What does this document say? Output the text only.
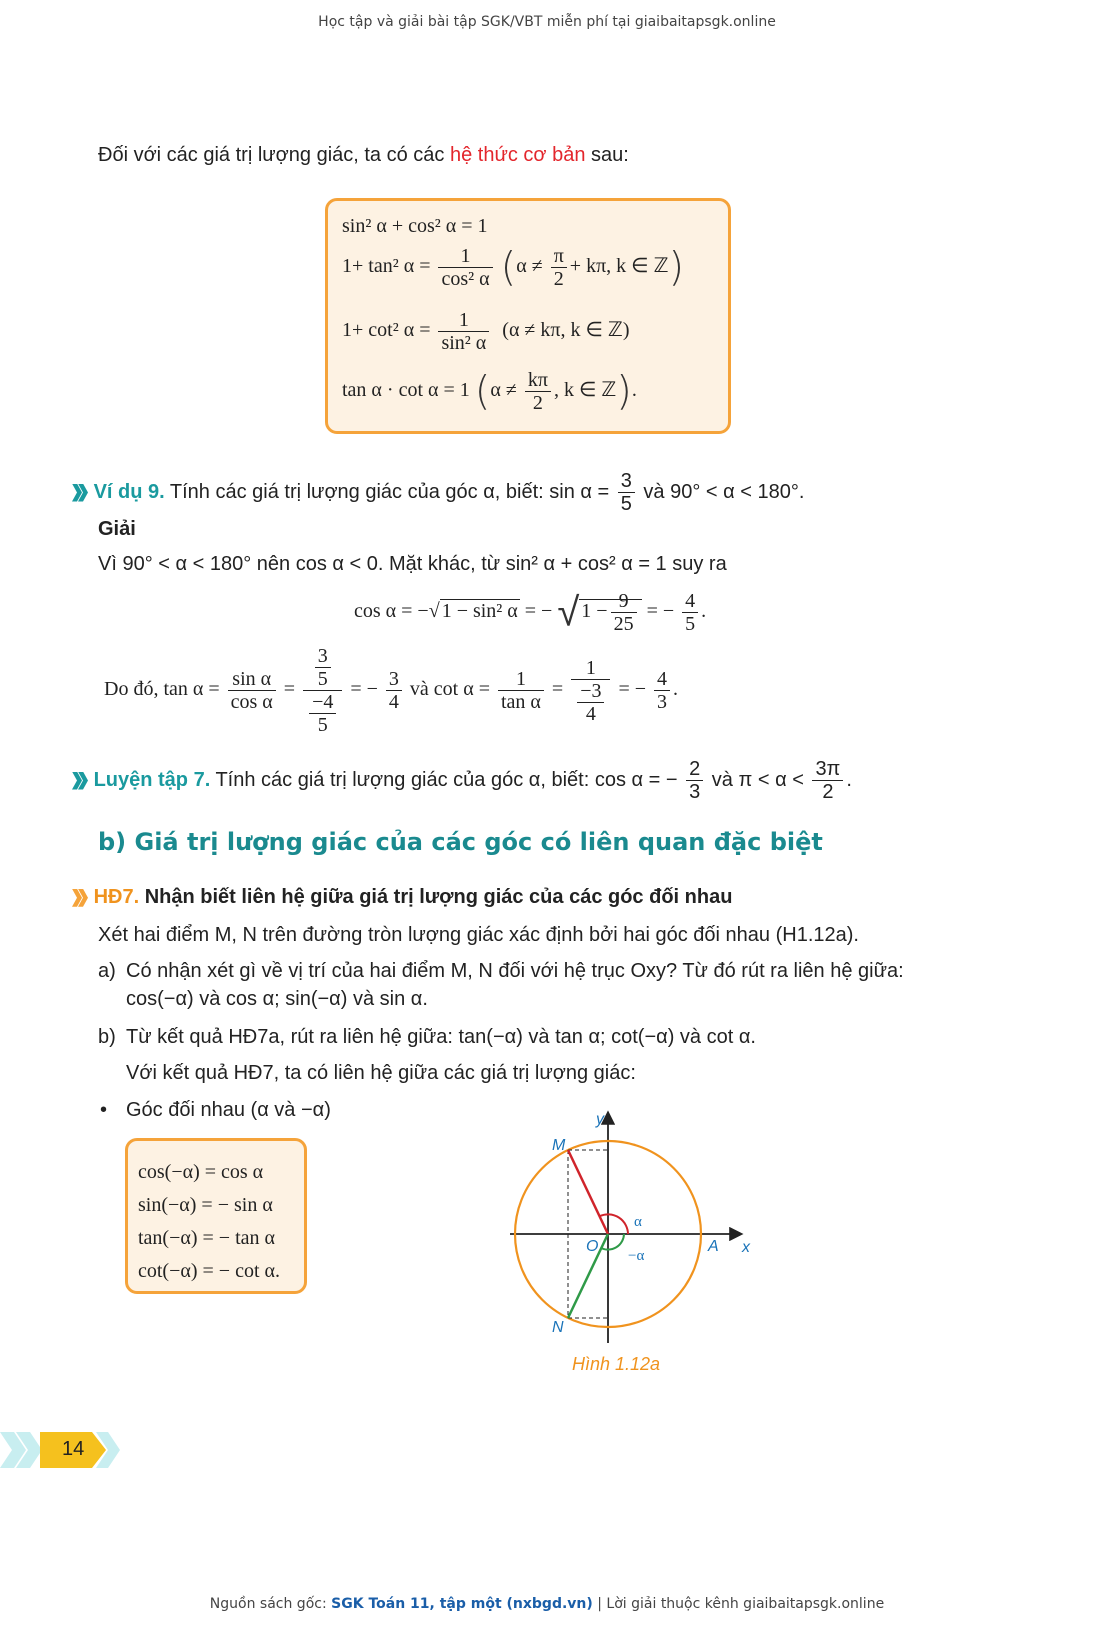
Học tập và giải bài tập SGK/VBT miễn phí tại giaibaitapsgk.online
Đối với các giá trị lượng giác, ta có các hệ thức cơ bản sau:
sin² α + cos² α = 1
1+ tan² $\alpha = \frac{1}{\text{cos² α}} (\alpha \ne \frac{\pi}{2} + k\pi$, k ∈ ℤ)
1+ cot² $\alpha = \frac{1}{\text{sin² α}} (\alpha \ne k\pi$, k ∈ ℤ)
tan α · cot α = 1 ($\alpha \ne \frac{k\pi}{2}$ , k ∈ ℤ).
Ví dụ 9. Tính các giá trị lượng giác của góc α, biết: $\sin \alpha = \frac{3}{5}$ và 90° < α < 180°.
Giải
Vì 90° < α < 180° nên cos α < 0. Mặt khác, từ sin² α + cos² α = 1 suy ra
cos α = −√ 1 − sin² α = − √ $1 - \frac{9}{25}$ = − $\frac{4}{5}$ .
Do đó, $\tan \alpha = \frac{\text{sin α}}{\text{cos α}} = \frac{\frac{3}{5}}{\frac{-4}{5}}$ = − $\frac{3}{4}$ và $\cot \alpha = \frac{1}{\text{tan α}} = \frac{1}{\frac{-3}{4}}$ = − $\frac{4}{3}$ .
Luyện tập 7. Tính các giá trị lượng giác của góc α, biết: cos α = − $\frac{2}{3}$ và $\pi < \alpha < \frac{3\pi}{2}$ .
b) Giá trị lượng giác của các góc có liên quan đặc biệt
HĐ7. Nhận biết liên hệ giữa giá trị lượng giác của các góc đối nhau
Xét hai điểm M, N trên đường tròn lượng giác xác định bởi hai góc đối nhau (H1.12a).
a) Có nhận xét gì về vị trí của hai điểm M, N đối với hệ trục Oxy? Từ đó rút ra liên hệ giữa:
cos(−α) và cos α; sin(−α) và sin α.
b) Từ kết quả HĐ7a, rút ra liên hệ giữa: tan(−α) và tan α; cot(−α) và cot α.
Với kết quả HĐ7, ta có liên hệ giữa các giá trị lượng giác:
• Góc đối nhau (α và −α)
cos(−α) = cos α
sin(−α) = − sin α
tan(−α) = − tan α
cot(−α) = − cot α.
y
x
O	A
M
N
α
−α
Hình 1.12a
14
Nguồn sách gốc: SGK Toán 11, tập một (nxbgd.vn) | Lời giải thuộc kênh giaibaitapsgk.online
